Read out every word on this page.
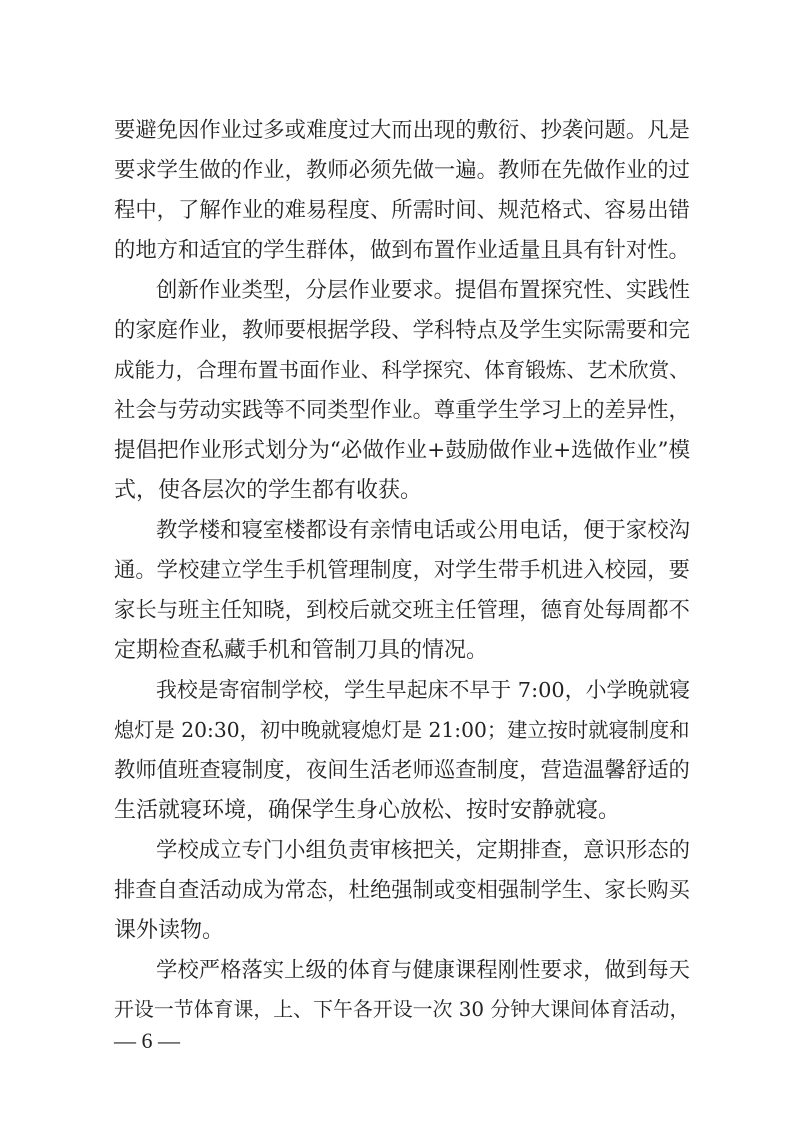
要避免因作业过多或难度过大而出现的敷衍、抄袭问题。凡是
要求学生做的作业，教师必须先做一遍。教师在先做作业的过
程中，了解作业的难易程度、所需时间、规范格式、容易出错
的地方和适宜的学生群体，做到布置作业适量且具有针对性。
创新作业类型，分层作业要求。提倡布置探究性、实践性
的家庭作业，教师要根据学段、学科特点及学生实际需要和完
成能力，合理布置书面作业、科学探究、体育锻炼、艺术欣赏、
社会与劳动实践等不同类型作业。尊重学生学习上的差异性，
提倡把作业形式划分为“必做作业+鼓励做作业+选做作业”模
式，使各层次的学生都有收获。
教学楼和寝室楼都设有亲情电话或公用电话，便于家校沟
通。学校建立学生手机管理制度，对学生带手机进入校园，要
家长与班主任知晓，到校后就交班主任管理，德育处每周都不
定期检查私藏手机和管制刀具的情况。
我校是寄宿制学校，学生早起床不早于 7:00，小学晚就寝
熄灯是 20:30，初中晚就寝熄灯是 21:00；建立按时就寝制度和
教师值班查寝制度，夜间生活老师巡查制度，营造温馨舒适的
生活就寝环境，确保学生身心放松、按时安静就寝。
学校成立专门小组负责审核把关，定期排查，意识形态的
排查自查活动成为常态，杜绝强制或变相强制学生、家长购买
课外读物。
学校严格落实上级的体育与健康课程刚性要求，做到每天
开设一节体育课，上、下午各开设一次 30 分钟大课间体育活动，
— 6 —
